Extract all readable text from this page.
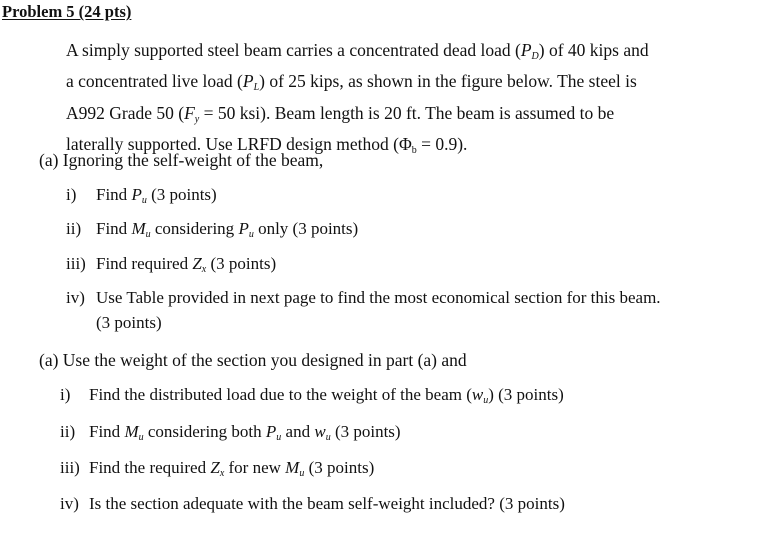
Problem 5 (24 pts)
A simply supported steel beam carries a concentrated dead load $(P_D)$ of 40 kips and
a concentrated live load $(P_L)$ of 25 kips, as shown in the figure below. The steel is
A992 Grade 50 ($F_y = 50$ ksi). Beam length is 20 ft. The beam is assumed to be
laterally supported. Use LRFD design method (Φb = 0.9).
(a) Ignoring the self-weight of the beam,
i) Find $P_u$ (3 points)
ii) Find $M_u$ considering $P_u$ only (3 points)
iii) Find required $Z_x$ (3 points)
iv) Use Table provided in next page to find the most economical section for this beam.
(3 points)
(a) Use the weight of the section you designed in part (a) and
i) Find the distributed load due to the weight of the beam $(w_u)$ (3 points)
ii) Find $M_u$ considering both $P_u$ and $w_u$ (3 points)
iii) Find the required $Z_x$ for new $M_u$ (3 points)
iv) Is the section adequate with the beam self-weight included? (3 points)
